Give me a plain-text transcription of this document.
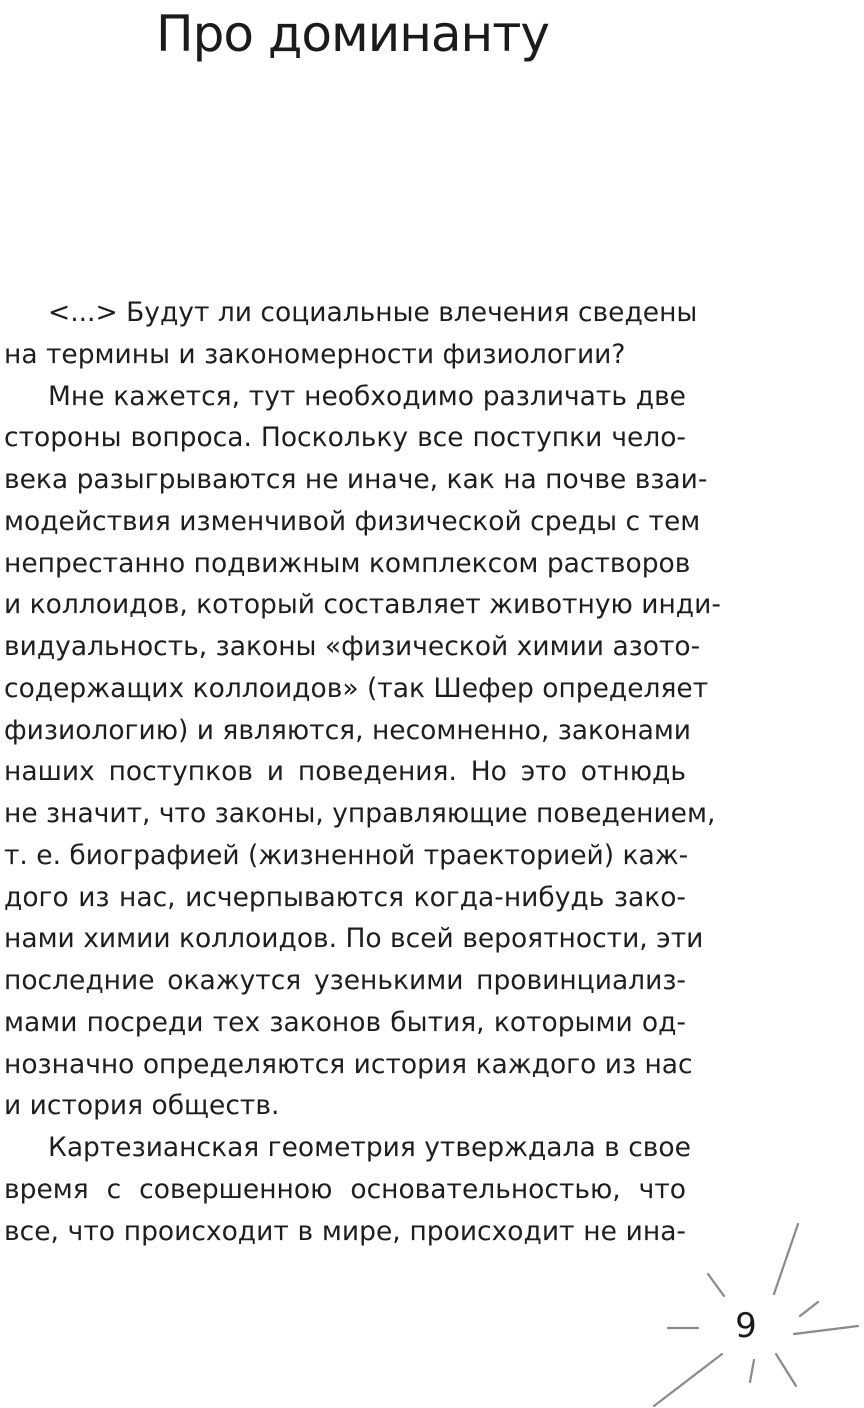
Про доминанту
<...> Будут ли социальные влечения сведены
на термины и закономерности физиологии?
Мне кажется, тут необходимо различать две
стороны вопроса. Поскольку все поступки чело-
века разыгрываются не иначе, как на почве взаи-
модействия изменчивой физической среды с тем
непрестанно подвижным комплексом растворов
и коллоидов, который составляет животную инди-
видуальность, законы «физической химии азото-
содержащих коллоидов» (так Шефер определяет
физиологию) и являются, несомненно, законами
наших поступков и поведения. Но это отнюдь
не значит, что законы, управляющие поведением,
т. е. биографией (жизненной траекторией) каж-
дого из нас, исчерпываются когда-нибудь зако-
нами химии коллоидов. По всей вероятности, эти
последние окажутся узенькими провинциализ-
мами посреди тех законов бытия, которыми од-
нозначно определяются история каждого из нас
и история обществ.
Картезианская геометрия утверждала в свое
время с совершенною основательностью, что
все, что происходит в мире, происходит не ина-
9
